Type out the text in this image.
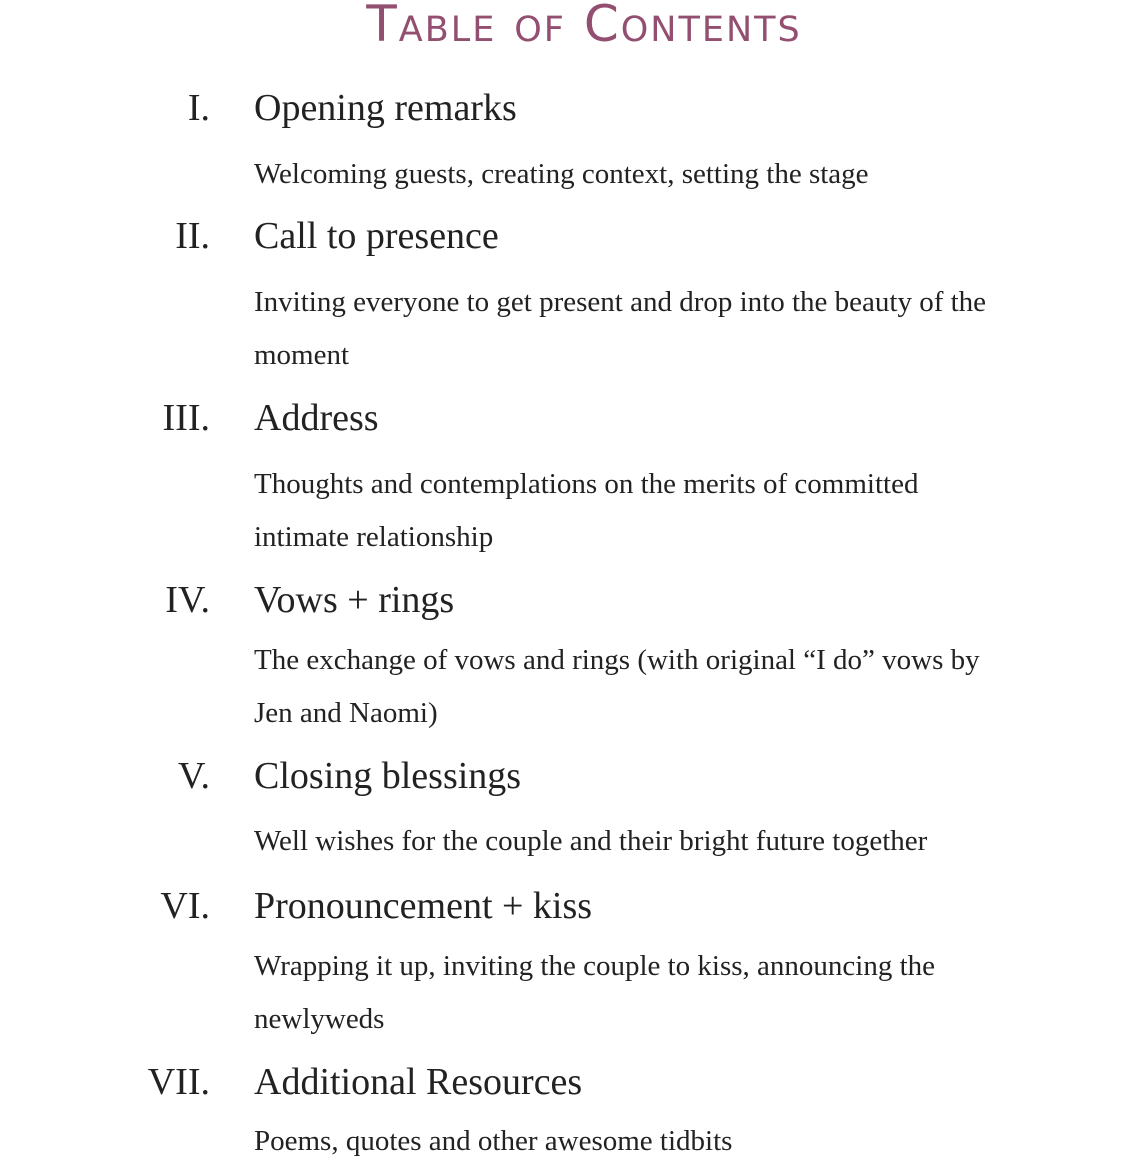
Table of Contents
I. Opening remarks
Welcoming guests, creating context, setting the stage
II. Call to presence
Inviting everyone to get present and drop into the beauty of the moment
III. Address
Thoughts and contemplations on the merits of committed intimate relationship
IV. Vows + rings
The exchange of vows and rings (with original “I do” vows by Jen and Naomi)
V. Closing blessings
Well wishes for the couple and their bright future together
VI. Pronouncement + kiss
Wrapping it up, inviting the couple to kiss, announcing the newlyweds
VII. Additional Resources
Poems, quotes and other awesome tidbits
